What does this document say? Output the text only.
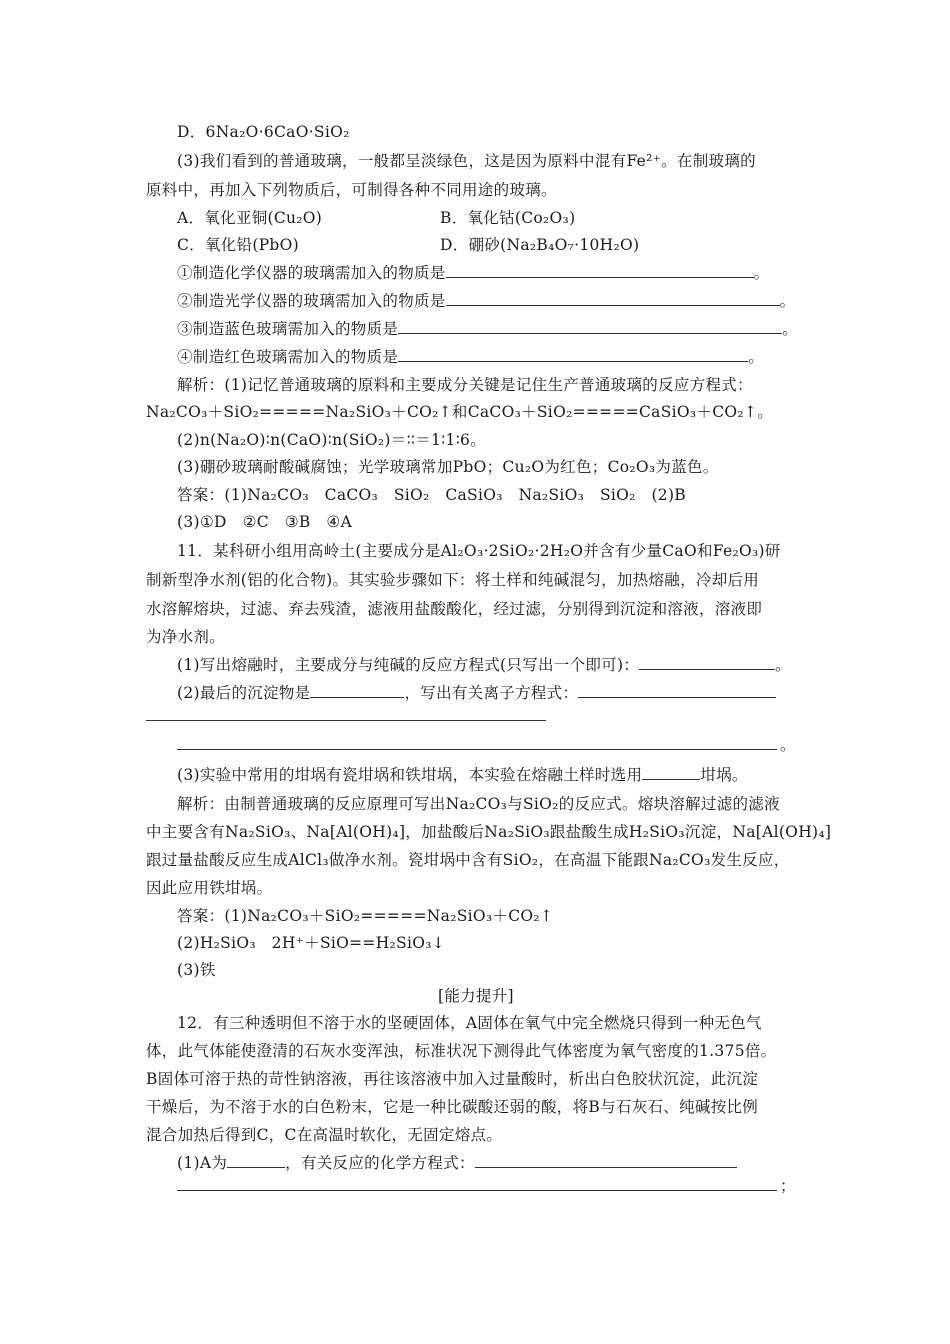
D．6Na₂O·6CaO·SiO₂
(3)我们看到的普通玻璃，一般都呈淡绿色，这是因为原料中混有Fe²⁺。在制玻璃的
原料中，再加入下列物质后，可制得各种不同用途的玻璃。
A．氧化亚铜(Cu₂O)	B．氧化钴(Co₂O₃)
C．氧化铅(PbO)	D．硼砂(Na₂B₄O₇·10H₂O)
①制造化学仪器的玻璃需加入的物质是	。
②制造光学仪器的玻璃需加入的物质是	。
③制造蓝色玻璃需加入的物质是	。
④制造红色玻璃需加入的物质是	。
解析：(1)记忆普通玻璃的原料和主要成分关键是记住生产普通玻璃的反应方程式：
Na₂CO₃＋SiO₂=====Na₂SiO₃＋CO₂↑和CaCO₃＋SiO₂=====CaSiO₃＋CO₂↑。
(2)n(Na₂O)∶n(CaO)∶n(SiO₂)＝∶∶＝1∶1∶6。
(3)硼砂玻璃耐酸碱腐蚀；光学玻璃常加PbO；Cu₂O为红色；Co₂O₃为蓝色。
答案：(1)Na₂CO₃　CaCO₃　SiO₂　CaSiO₃　Na₂SiO₃　SiO₂　(2)B
(3)①D　②C　③B　④A
11．某科研小组用高岭土(主要成分是Al₂O₃·2SiO₂·2H₂O并含有少量CaO和Fe₂O₃)研
制新型净水剂(铝的化合物)。其实验步骤如下：将土样和纯碱混匀，加热熔融，冷却后用
水溶解熔块，过滤、弃去残渣，滤液用盐酸酸化，经过滤，分别得到沉淀和溶液，溶液即
为净水剂。
(1)写出熔融时，主要成分与纯碱的反应方程式(只写出一个即可)：	。
(2)最后的沉淀物是	，写出有关离子方程式：
。
(3)实验中常用的坩埚有瓷坩埚和铁坩埚，本实验在熔融土样时选用	坩埚。
解析：由制普通玻璃的反应原理可写出Na₂CO₃与SiO₂的反应式。熔块溶解过滤的滤液
中主要含有Na₂SiO₃、Na[Al(OH)₄]，加盐酸后Na₂SiO₃跟盐酸生成H₂SiO₃沉淀，Na[Al(OH)₄]
跟过量盐酸反应生成AlCl₃做净水剂。瓷坩埚中含有SiO₂，在高温下能跟Na₂CO₃发生反应，
因此应用铁坩埚。
答案：(1)Na₂CO₃＋SiO₂=====Na₂SiO₃＋CO₂↑
(2)H₂SiO₃　2H⁺＋SiO==H₂SiO₃↓
(3)铁
[能力提升]
12．有三种透明但不溶于水的坚硬固体，A固体在氧气中完全燃烧只得到一种无色气
体，此气体能使澄清的石灰水变浑浊，标准状况下测得此气体密度为氧气密度的1.375倍。
B固体可溶于热的苛性钠溶液，再往该溶液中加入过量酸时，析出白色胶状沉淀，此沉淀
干燥后，为不溶于水的白色粉末，它是一种比碳酸还弱的酸，将B与石灰石、纯碱按比例
混合加热后得到C，C在高温时软化，无固定熔点。
(1)A为	，有关反应的化学方程式：
；
